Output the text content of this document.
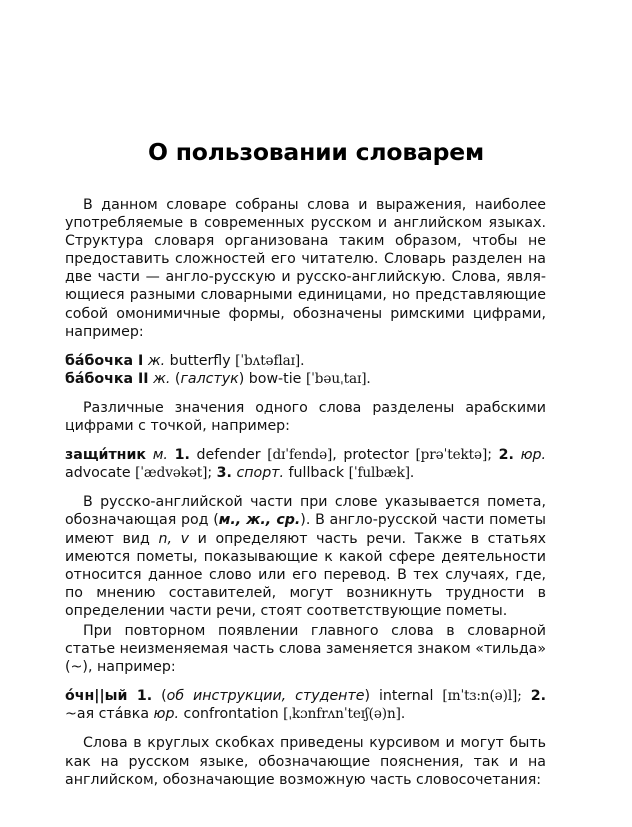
О пользовании словарем

В данном словаре собраны слова и выражения, наиболее употребляемые в современных русском и английском языках. Структура словаря организована таким образом, чтобы не предоставить сложностей его читателю. Словарь разделен на две части — англо-русскую и русско-английскую. Слова, являющиеся разными словарными единицами, но представляющие собой омонимичные формы, обозначены римскими цифрами, например:

ба́бочка I ж. butterfly [ˈbʌtəflaɪ].

ба́бочка II ж. (галстук) bow-tie [ˈbəuˌtaɪ].

Различные значения одного слова разделены арабскими цифрами с точкой, например:

защи́тник м. 1. defender [dɪˈfendə], protector [prəˈtektə]; 2. юр. advocate [ˈædvəkət]; 3. спорт. fullback [ˈfulbæk].

В русско-английской части при слове указывается помета, обозначающая род (м., ж., ср.). В англо-русской части пометы имеют вид n, v и определяют часть речи. Также в статьях имеются пометы, показывающие к какой сфере деятельности относится данное слово или его перевод. В тех случаях, где, по мнению составителей, могут возникнуть трудности в определении части речи, стоят соответствующие пометы.

При повторном появлении главного слова в словарной статье неизменяемая часть слова заменяется знаком «тильда» (~), например:

о́чн||ый 1. (об инструкции, студенте) internal [ɪnˈtɜ:n(ə)l]; 2. ~ая ста́вка юр. confrontation [ˌkɔnfrʌnˈteɪʃ(ə)n].

Слова в круглых скобках приведены курсивом и могут быть как на русском языке, обозначающие пояснения, так и на английском, обозначающие возможную часть словосочетания:
